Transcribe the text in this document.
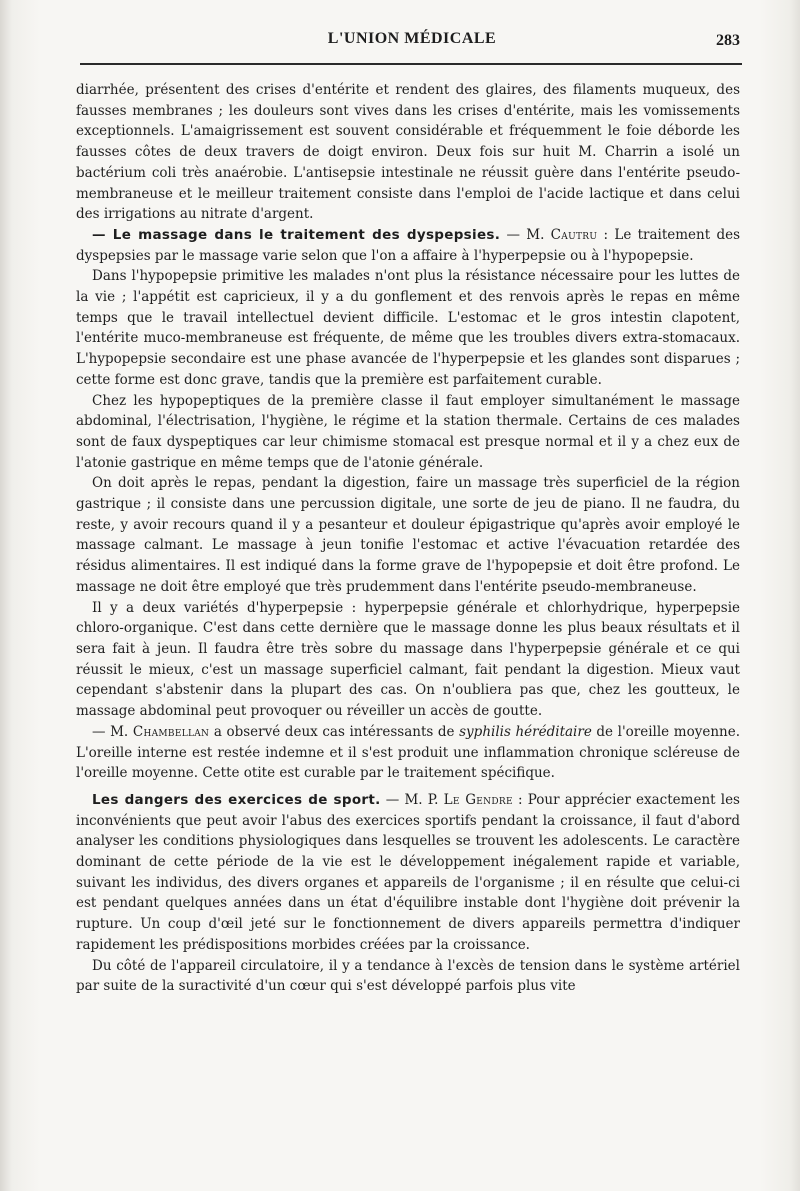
L'UNION MÉDICALE	283

diarrhée, présentent des crises d'entérite et rendent des glaires, des filaments muqueux, des fausses membranes ; les douleurs sont vives dans les crises d'entérite, mais les vomissements exceptionnels. L'amaigrissement est souvent considérable et fréquemment le foie déborde les fausses côtes de deux travers de doigt environ. Deux fois sur huit M. Charrin a isolé un bactérium coli très anaérobie. L'antisepsie intestinale ne réussit guère dans l'entérite pseudo-membraneuse et le meilleur traitement consiste dans l'emploi de l'acide lactique et dans celui des irrigations au nitrate d'argent.

— Le massage dans le traitement des dyspepsies. — M. Cautru : Le traitement des dyspepsies par le massage varie selon que l'on a affaire à l'hyperpepsie ou à l'hypopepsie.

Dans l'hypopepsie primitive les malades n'ont plus la résistance nécessaire pour les luttes de la vie ; l'appétit est capricieux, il y a du gonflement et des renvois après le repas en même temps que le travail intellectuel devient difficile. L'estomac et le gros intestin clapotent, l'entérite muco-membraneuse est fréquente, de même que les troubles divers extra-stomacaux. L'hypopepsie secondaire est une phase avancée de l'hyperpepsie et les glandes sont disparues ; cette forme est donc grave, tandis que la première est parfaitement curable.

Chez les hypopeptiques de la première classe il faut employer simultanément le massage abdominal, l'électrisation, l'hygiène, le régime et la station thermale. Certains de ces malades sont de faux dyspeptiques car leur chimisme stomacal est presque normal et il y a chez eux de l'atonie gastrique en même temps que de l'atonie générale.

On doit après le repas, pendant la digestion, faire un massage très superficiel de la région gastrique ; il consiste dans une percussion digitale, une sorte de jeu de piano. Il ne faudra, du reste, y avoir recours quand il y a pesanteur et douleur épigastrique qu'après avoir employé le massage calmant. Le massage à jeun tonifie l'estomac et active l'évacuation retardée des résidus alimentaires. Il est indiqué dans la forme grave de l'hypopepsie et doit être profond. Le massage ne doit être employé que très prudemment dans l'entérite pseudo-membraneuse.

Il y a deux variétés d'hyperpepsie : hyperpepsie générale et chlorhydrique, hyperpepsie chloro-organique. C'est dans cette dernière que le massage donne les plus beaux résultats et il sera fait à jeun. Il faudra être très sobre du massage dans l'hyperpepsie générale et ce qui réussit le mieux, c'est un massage superficiel calmant, fait pendant la digestion. Mieux vaut cependant s'abstenir dans la plupart des cas. On n'oubliera pas que, chez les goutteux, le massage abdominal peut provoquer ou réveiller un accès de goutte.

— M. Chambellan a observé deux cas intéressants de syphilis héréditaire de l'oreille moyenne. L'oreille interne est restée indemne et il s'est produit une inflammation chronique scléreuse de l'oreille moyenne. Cette otite est curable par le traitement spécifique.

Les dangers des exercices de sport. — M. P. Le Gendre : Pour apprécier exactement les inconvénients que peut avoir l'abus des exercices sportifs pendant la croissance, il faut d'abord analyser les conditions physiologiques dans lesquelles se trouvent les adolescents. Le caractère dominant de cette période de la vie est le développement inégalement rapide et variable, suivant les individus, des divers organes et appareils de l'organisme ; il en résulte que celui-ci est pendant quelques années dans un état d'équilibre instable dont l'hygiène doit prévenir la rupture. Un coup d'œil jeté sur le fonctionnement de divers appareils permettra d'indiquer rapidement les prédispositions morbides créées par la croissance.

Du côté de l'appareil circulatoire, il y a tendance à l'excès de tension dans le système artériel par suite de la suractivité d'un cœur qui s'est développé parfois plus vite
